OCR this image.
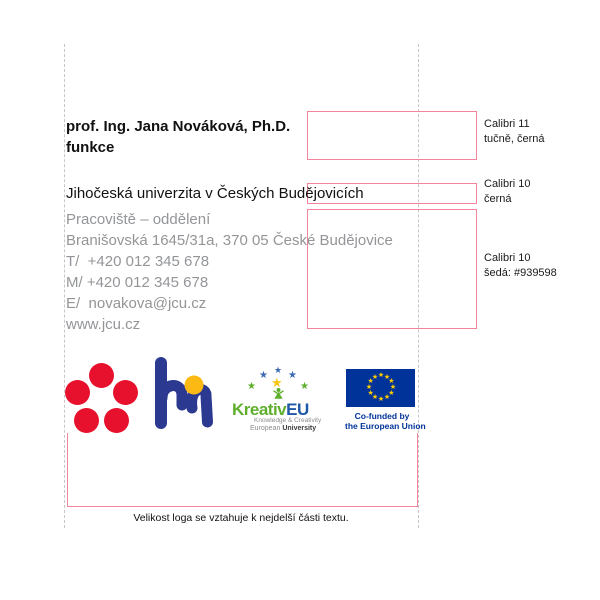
prof. Ing. Jana Nováková, Ph.D.
funkce
Jihočeská univerzita v Českých Budějovicích
Pracoviště – oddělení
Branišovská 1645/31a, 370 05 České Budějovice
T/  +420 012 345 678
M/ +420 012 345 678
E/  novakova@jcu.cz
www.jcu.cz
Calibri 11
tučně, černá
Calibri 10
černá
Calibri 10
šedá: #939598
★
★
★
★
★
★
KreativEU
Knowledge & Creativity
European University
★
★
★
★
★
★
★
★
★
★
★
★
Co-funded by
the European Union
Velikost loga se vztahuje k nejdelší části textu.
